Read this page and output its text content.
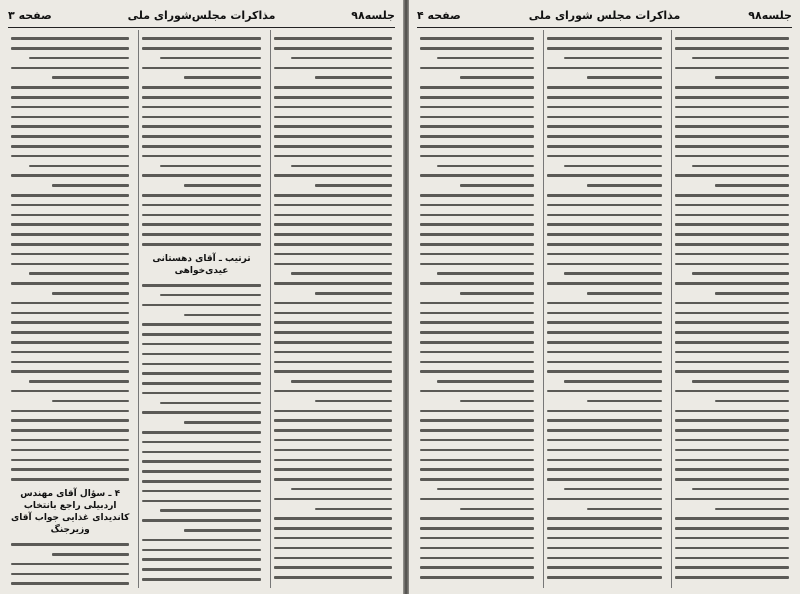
جلسه۹۸
مذاکرات مجلس‌شورای ملی
صفحه ۳
ترتیب ـ آقای ‌دهستانی ‌عیدی‌خواهی
۴ ـ سؤال آقای مهندس اردبیلی راجع ‌بانتخاب کاندیدای ‌غذایی ‌جواب آقای وزیرجنگ
جلسه۹۸
مذاکرات مجلس شورای ملی
صفحه ۴
